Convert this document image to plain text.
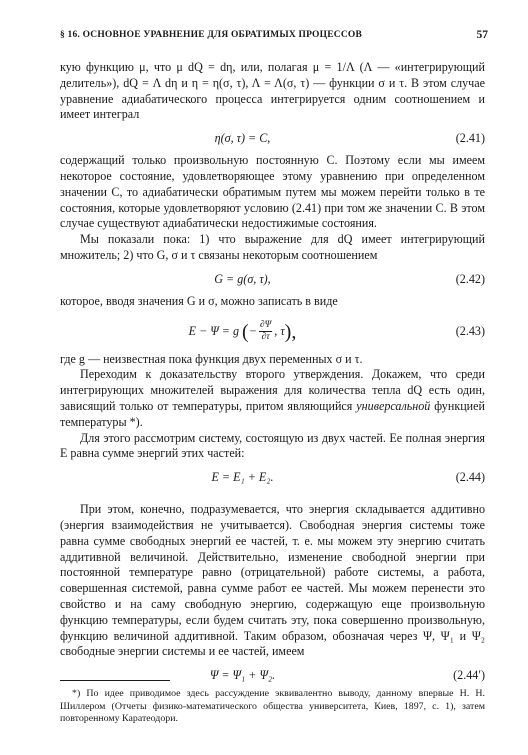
§ 16. ОСНОВНОЕ УРАВНЕНИЕ ДЛЯ ОБРАТИМЫХ ПРОЦЕССОВ	57

кую функцию μ, что μ dQ = dη, или, полагая μ = 1/Λ (Λ — «интегрирующий делитель»), dQ = Λ dη и η = η(σ, τ), Λ = Λ(σ, τ) — функции σ и τ. В этом случае уравнение адиабатического процесса интегрируется одним соотношением и имеет интеграл

η(σ, τ) = C,	(2.41)

содержащий только произвольную постоянную C. Поэтому если мы имеем некоторое состояние, удовлетворяющее этому уравнению при определенном значении C, то адиабатически обратимым путем мы можем перейти только в те состояния, которые удовлетворяют условию (2.41) при том же значении C. В этом случае существуют адиабатически недостижимые состояния.

Мы показали пока: 1) что выражение для dQ имеет интегрирующий множитель; 2) что G, σ и τ связаны некоторым соотношением

G = g(σ, τ),	(2.42)

которое, вводя значения G и σ, можно записать в виде

E − Ψ = g (− $\frac{\partial\Psi}{\partial\tau}$ , τ),	(2.43)

где g — неизвестная пока функция двух переменных σ и τ.

Переходим к доказательству второго утверждения. Докажем, что среди интегрирующих множителей выражения для количества тепла dQ есть один, зависящий только от температуры, притом являющийся универсальной функцией температуры *).

Для этого рассмотрим систему, состоящую из двух частей. Ее полная энергия E равна сумме энергий этих частей:

E = E₁ + E₂.	(2.44)

При этом, конечно, подразумевается, что энергия складывается аддитивно (энергия взаимодействия не учитывается). Свободная энергия системы тоже равна сумме свободных энергий ее частей, т. е. мы можем эту энергию считать аддитивной величиной. Действительно, изменение свободной энергии при постоянной температуре равно (отрицательной) работе системы, а работа, совершенная системой, равна сумме работ ее частей. Мы можем перенести это свойство и на саму свободную энергию, содержащую еще произвольную функцию температуры, если будем считать эту, пока совершенно произвольную, функцию величиной аддитивной. Таким образом, обозначая через Ψ, Ψ₁ и Ψ₂ свободные энергии системы и ее частей, имеем

Ψ = Ψ₁ + Ψ₂.	(2.44′)

*) По идее приводимое здесь рассуждение эквивалентно выводу, данному впервые Н. Н. Шиллером (Отчеты физико-математического общества университета, Киев, 1897, с. 1), затем повторенному Каратеодори.
